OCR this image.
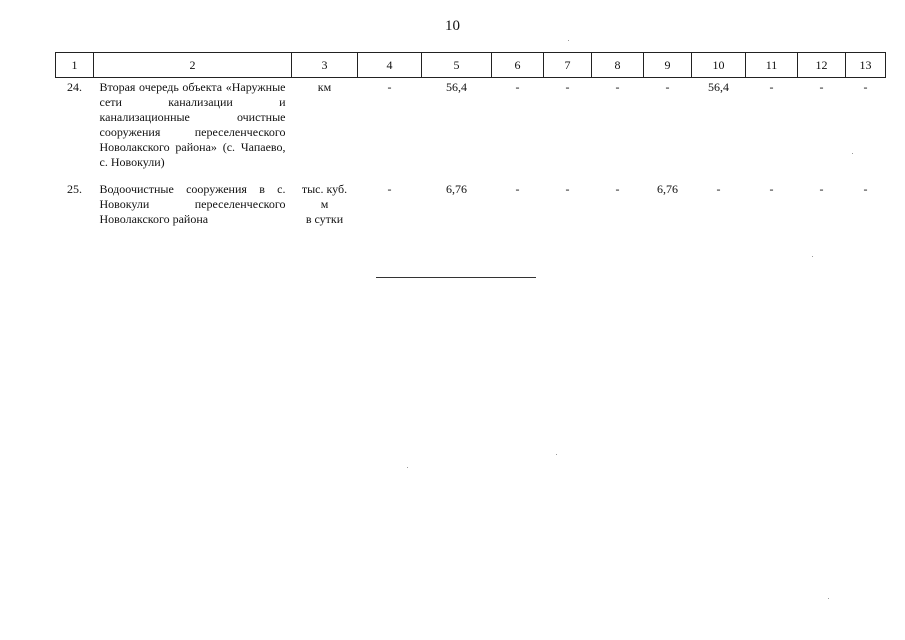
10
1	2	3	4	5	6	7	8	9	10	11	12	13
24.	Вторая очередь объекта «Наружные сети канализации и канализационные очистные сооружения переселенческого Новолакского района» (с. Чапаево, с. Новокули)	км	-	56,4	-	-	-	-	56,4	-	-	-
25.	Водоочистные сооружения в с. Новокули переселенческого Новолакского района	тыс. куб.
м
в сутки	-	6,76	-	-	-	6,76	-	-	-	-
